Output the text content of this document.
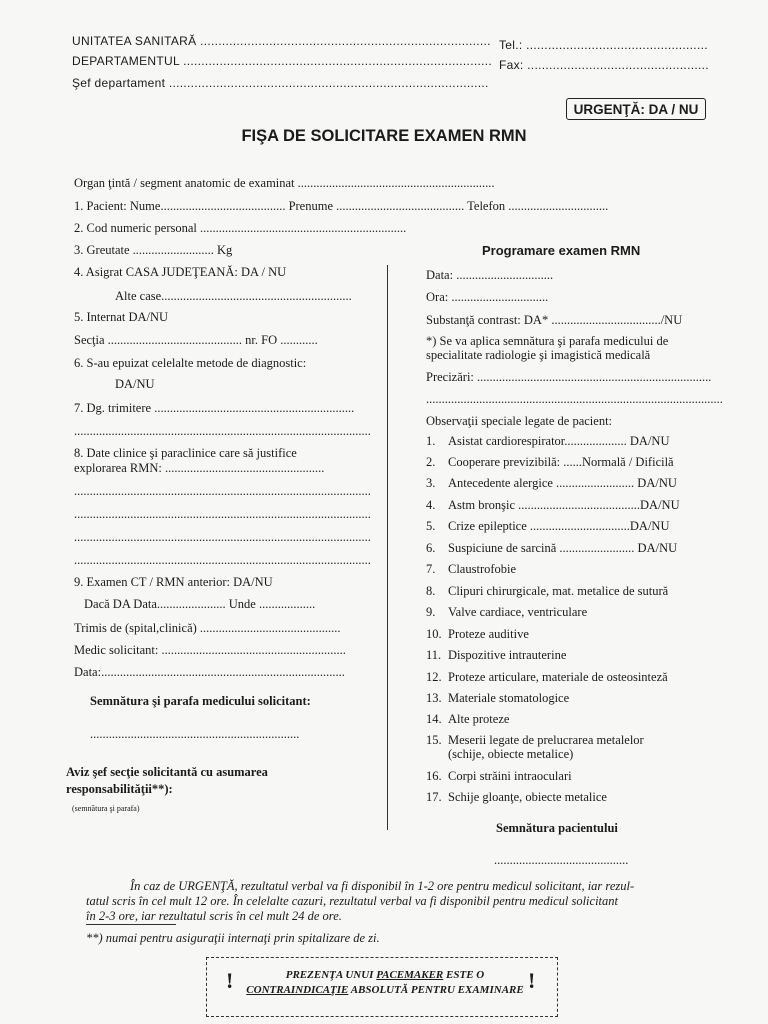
UNITATEA SANITARĂ ................................................................................
DEPARTAMENTUL .....................................................................................
Şef departament ........................................................................................
Tel.: ..................................................
Fax: ..................................................
URGENŢĂ: DA / NU
FIŞA DE SOLICITARE EXAMEN RMN
Organ ţintă / segment anatomic de examinat ...............................................................
1. Pacient: Nume........................................ Prenume ......................................... Telefon ................................
2. Cod numeric personal ..................................................................
3. Greutate .......................... Kg
4. Asigrat CASA JUDEŢEANĂ: DA / NU
Alte case.............................................................
5. Internat DA/NU
Secţia ........................................... nr. FO ............
6. S-au epuizat celelalte metode de diagnostic:
DA/NU
7. Dg. trimitere ................................................................
...............................................................................................
8. Date clinice şi paraclinice care să justifice
explorarea RMN: ...................................................
...............................................................................................
...............................................................................................
...............................................................................................
...............................................................................................
9. Examen CT / RMN anterior: DA/NU
Dacă DA Data...................... Unde ..................
Trimis de (spital,clinică) .............................................
Medic solicitant: ...........................................................
Data:..............................................................................
Semnătura şi parafa medicului solicitant:
...................................................................
Aviz şef secţie solicitantă cu asumarea
responsabilităţii**):
(semnătura şi parafa)
Programare examen RMN
Data: ...............................
Ora: ...............................
Substanţă contrast: DA* .................................../NU
*) Se va aplica semnătura şi parafa medicului de
specialitate radiologie şi imagistică medicală
Precizări: ...........................................................................
...............................................................................................
Observaţii speciale legate de pacient:
1. Asistat cardiorespirator.................... DA/NU
2. Cooperare previzibilă: ......Normală / Dificilă
3. Antecedente alergice ......................... DA/NU
4. Astm bronşic .......................................DA/NU
5. Crize epileptice ................................DA/NU
6. Suspiciune de sarcină ........................ DA/NU
7. Claustrofobie
8. Clipuri chirurgicale, mat. metalice de sutură
9. Valve cardiace, ventriculare
10. Proteze auditive
11. Dispozitive intrauterine
12. Proteze articulare, materiale de osteosinteză
13. Materiale stomatologice
14. Alte proteze
15. Meserii legate de prelucrarea metalelor
(schije, obiecte metalice)
16. Corpi străini intraoculari
17. Schije gloanţe, obiecte metalice
Semnătura pacientului
...........................................
În caz de URGENŢĂ, rezultatul verbal va fi disponibil în 1-2 ore pentru medicul solicitant, iar rezul-
tatul scris în cel mult 12 ore. În celelalte cazuri, rezultatul verbal va fi disponibil pentru medicul solicitant
în 2-3 ore, iar rezultatul scris în cel mult 24 de ore.
**) numai pentru asiguraţii internaţi prin spitalizare de zi.
!	!
PREZENŢA UNUI PACEMAKER ESTE O
CONTRAINDICAŢIE ABSOLUTĂ PENTRU EXAMINARE
